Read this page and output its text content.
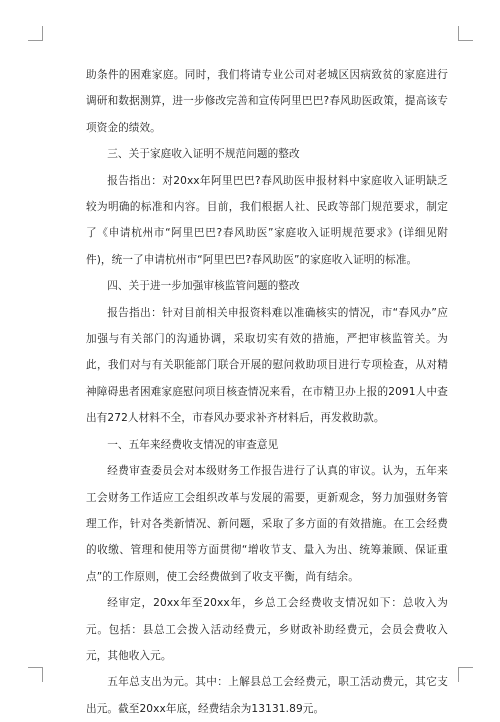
助条件的困难家庭。同时，我们将请专业公司对老城区因病致贫的家庭进行调研和数据测算，进一步修改完善和宣传阿里巴巴?春风助医政策，提高该专项资金的绩效。

三、关于家庭收入证明不规范问题的整改

报告指出：对20xx年阿里巴巴?春风助医申报材料中家庭收入证明缺乏较为明确的标准和内容。目前，我们根据人社、民政等部门规范要求，制定了《申请杭州市“阿里巴巴?春风助医”家庭收入证明规范要求》(详细见附件)，统一了申请杭州市“阿里巴巴?春风助医”的家庭收入证明的标准。

四、关于进一步加强审核监管问题的整改

报告指出：针对目前相关申报资料难以准确核实的情况，市“春风办”应加强与有关部门的沟通协调，采取切实有效的措施，严把审核监管关。为此，我们对与有关职能部门联合开展的慰问救助项目进行专项检查，从对精神障碍患者困难家庭慰问项目核查情况来看，在市精卫办上报的2091人中查出有272人材料不全，市春风办要求补齐材料后，再发救助款。

一、五年来经费收支情况的审查意见

经费审查委员会对本级财务工作报告进行了认真的审议。认为，五年来工会财务工作适应工会组织改革与发展的需要，更新观念，努力加强财务管理工作，针对各类新情况、新问题，采取了多方面的有效措施。在工会经费的收缴、管理和使用等方面贯彻“增收节支、量入为出、统筹兼顾、保证重点”的工作原则，使工会经费做到了收支平衡，尚有结余。

经审定，20xx年至20xx年，乡总工会经费收支情况如下：总收入为元。包括：县总工会拨入活动经费元，乡财政补助经费元，会员会费收入元，其他收入元。

五年总支出为元。其中：上解县总工会经费元，职工活动费元，其它支出元。截至20xx年底，经费结余为13131.89元。
